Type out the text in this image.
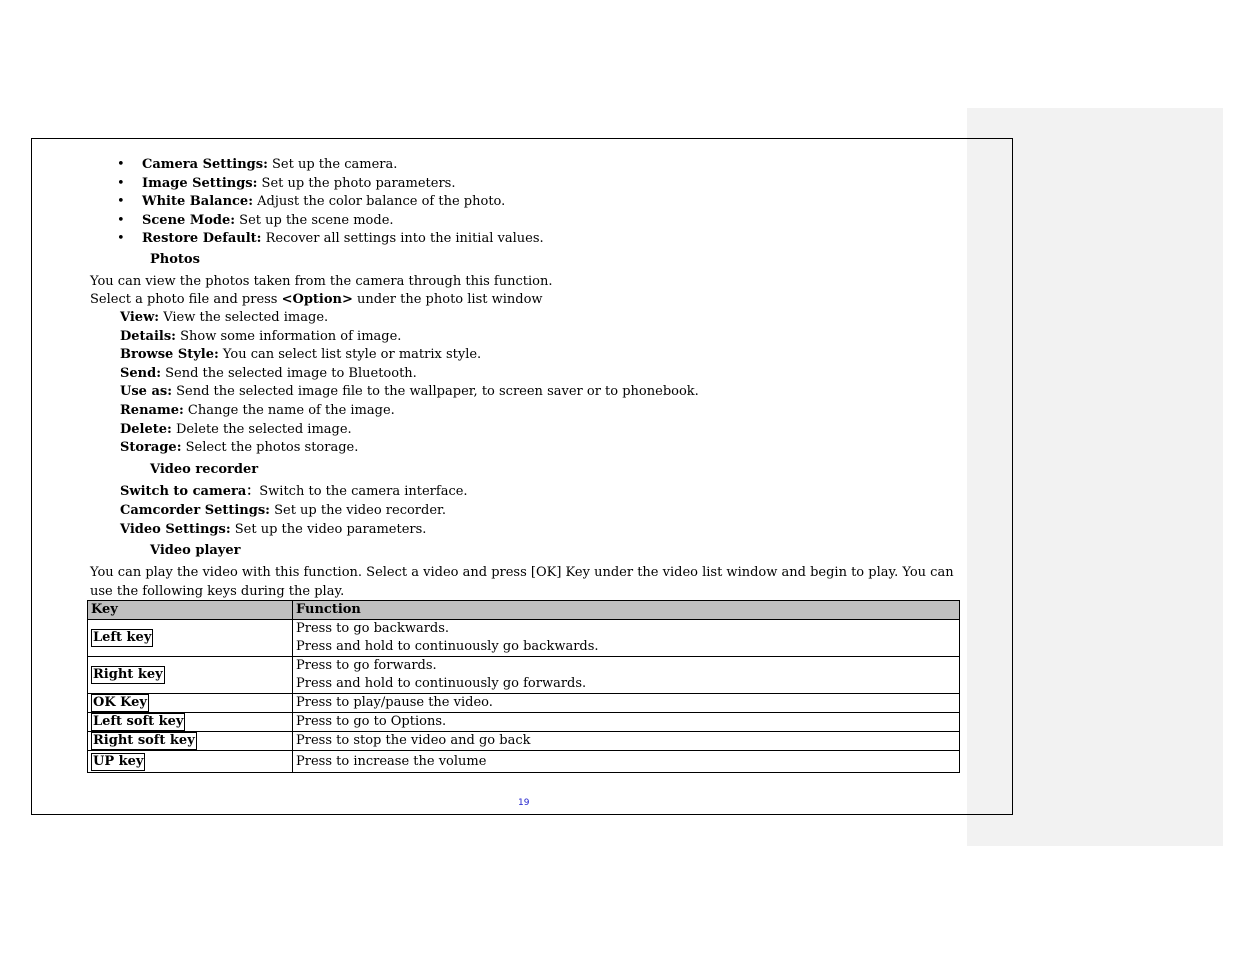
• Camera Settings: Set up the camera.
• Image Settings: Set up the photo parameters.
• White Balance: Adjust the color balance of the photo.
• Scene Mode: Set up the scene mode.
• Restore Default: Recover all settings into the initial values.
Photos
You can view the photos taken from the camera through this function.
Select a photo file and press <Option> under the photo list window
View: View the selected image.
Details: Show some information of image.
Browse Style: You can select list style or matrix style.
Send: Send the selected image to Bluetooth.
Use as: Send the selected image file to the wallpaper, to screen saver or to phonebook.
Rename: Change the name of the image.
Delete: Delete the selected image.
Storage: Select the photos storage.
Video recorder
Switch to camera：Switch to the camera interface.
Camcorder Settings: Set up the video recorder.
Video Settings: Set up the video parameters.
Video player
You can play the video with this function. Select a video and press [OK] Key under the video list window and begin to play. You can use the following keys during the play.
Key	Function
Left key	Press to go backwards.
Press and hold to continuously go backwards.

Right key	Press to go forwards.
Press and hold to continuously go forwards.

OK Key	Press to play/pause the video.
Left soft key	Press to go to Options.
Right soft key	Press to stop the video and go back
UP key	Press to increase the volume
19
